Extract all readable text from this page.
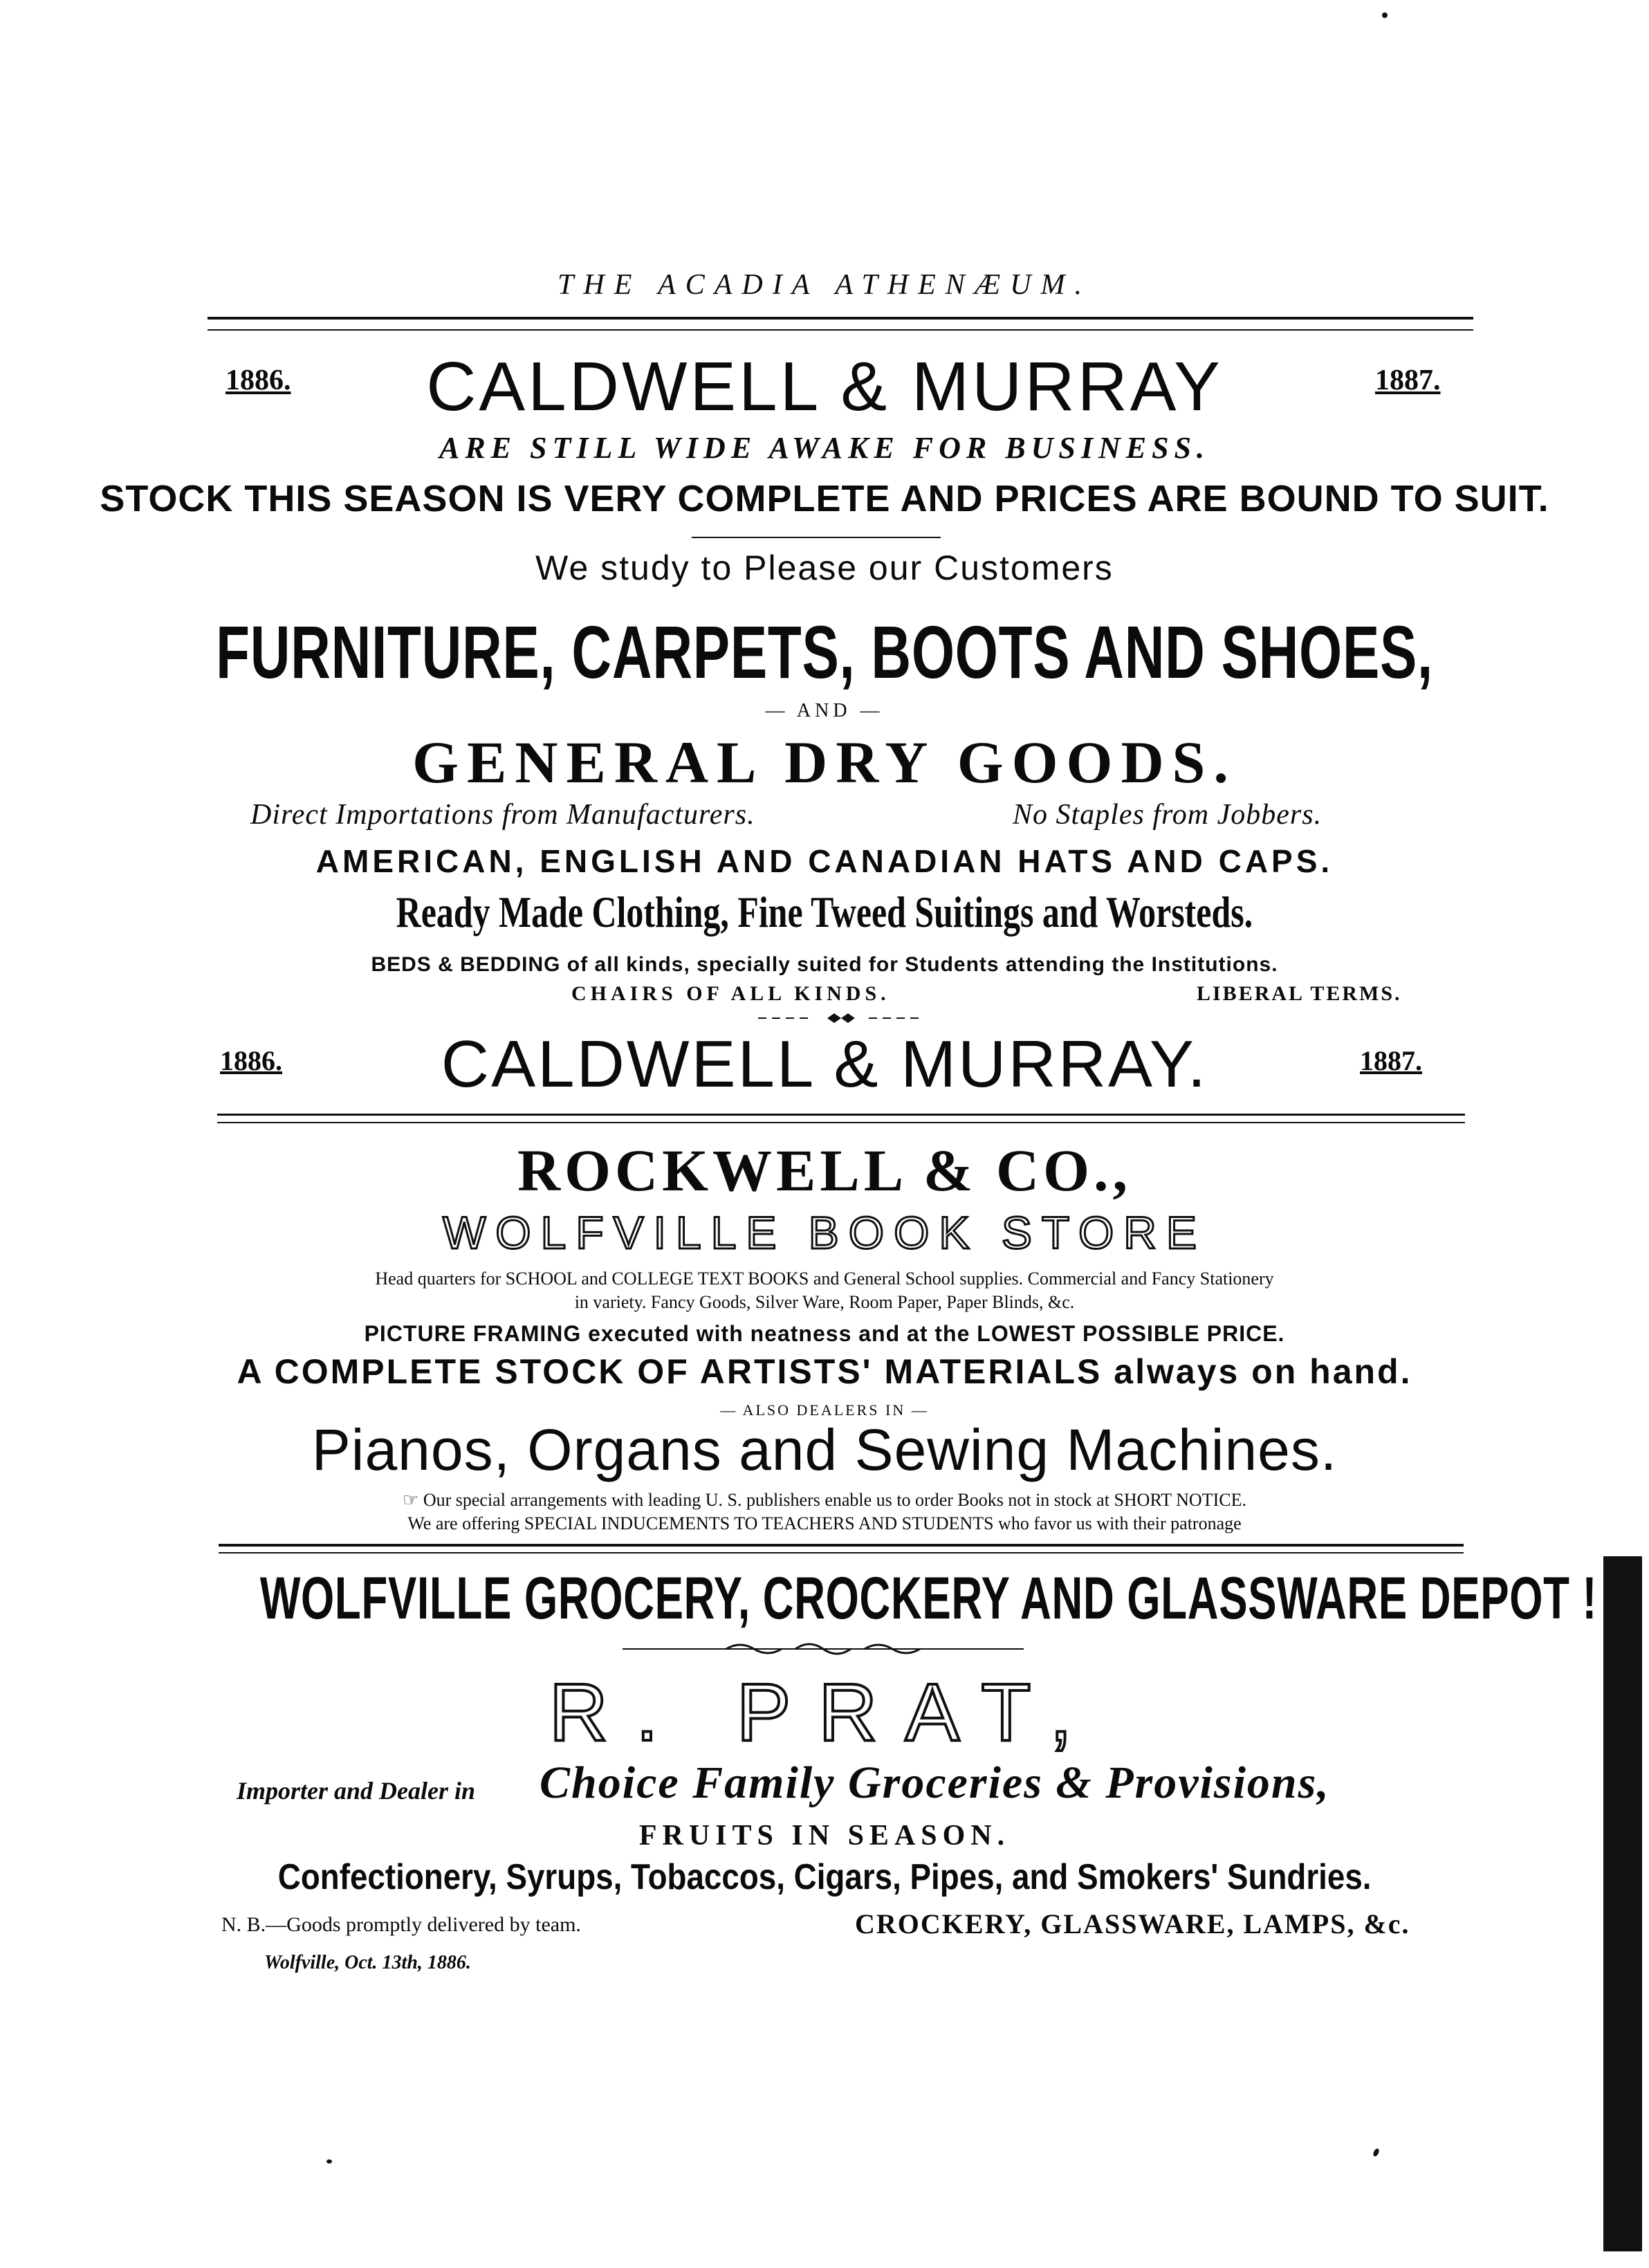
THE ACADIA ATHENÆUM.
1886.	1887.
CALDWELL & MURRAY
ARE STILL WIDE AWAKE FOR BUSINESS.
STOCK THIS SEASON IS VERY COMPLETE AND PRICES ARE BOUND TO SUIT.
We study to Please our Customers
FURNITURE, CARPETS, BOOTS AND SHOES,
— AND —
GENERAL DRY GOODS.
Direct Importations from Manufacturers.	No Staples from Jobbers.
AMERICAN, ENGLISH AND CANADIAN HATS AND CAPS.
Ready Made Clothing, Fine Tweed Suitings and Worsteds.
BEDS & BEDDING of all kinds, specially suited for Students attending the Institutions.
CHAIRS OF ALL KINDS.	LIBERAL TERMS.
1886.	CALDWELL & MURRAY.	1887.
ROCKWELL & CO.,
WOLFVILLE BOOK STORE
Head quarters for SCHOOL and COLLEGE TEXT BOOKS and General School supplies. Commercial and Fancy Stationery
in variety. Fancy Goods, Silver Ware, Room Paper, Paper Blinds, &c.
PICTURE FRAMING executed with neatness and at the LOWEST POSSIBLE PRICE.
A COMPLETE STOCK OF ARTISTS' MATERIALS always on hand.
— ALSO DEALERS IN —
Pianos, Organs and Sewing Machines.
☞ Our special arrangements with leading U. S. publishers enable us to order Books not in stock at SHORT NOTICE.
We are offering SPECIAL INDUCEMENTS TO TEACHERS AND STUDENTS who favor us with their patronage
WOLFVILLE GROCERY, CROCKERY AND GLASSWARE DEPOT !
R. PRAT,
Importer and Dealer in Choice Family Groceries & Provisions,
FRUITS IN SEASON.
Confectionery, Syrups, Tobaccos, Cigars, Pipes, and Smokers' Sundries.
N. B.—Goods promptly delivered by team.	CROCKERY, GLASSWARE, LAMPS, &c.
Wolfville, Oct. 13th, 1886.
